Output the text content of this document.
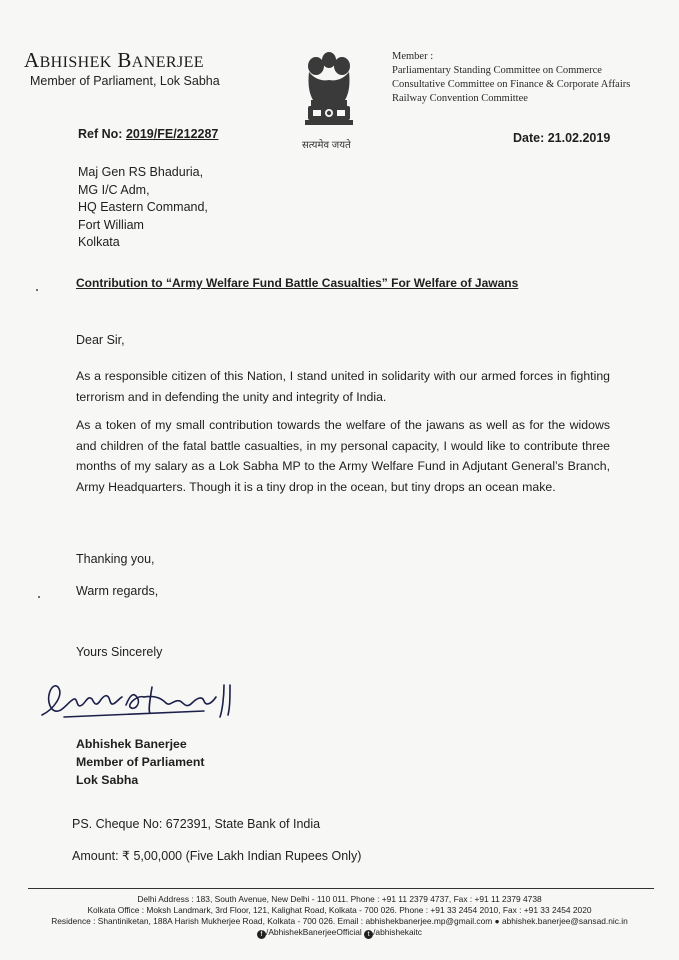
ABHISHEK BANERJEE
Member of Parliament, Lok Sabha
सत्यमेव जयते
Member :
Parliamentary Standing Committee on Commerce
Consultative Committee on Finance & Corporate Affairs
Railway Convention Committee
Ref No: 2019/FE/212287	Date: 21.02.2019
Maj Gen RS Bhaduria,
MG I/C Adm,
HQ Eastern Command,
Fort William
Kolkata
Contribution to “Army Welfare Fund Battle Casualties” For Welfare of Jawans
Dear Sir,
As a responsible citizen of this Nation, I stand united in solidarity with our armed forces in fighting terrorism and in defending the unity and integrity of India.
As a token of my small contribution towards the welfare of the jawans as well as for the widows and children of the fatal battle casualties, in my personal capacity, I would like to contribute three months of my salary as a Lok Sabha MP to the Army Welfare Fund in Adjutant General’s Branch, Army Headquarters. Though it is a tiny drop in the ocean, but tiny drops an ocean make.
Thanking you,
Warm regards,
Yours Sincerely
Abhishek Banerjee
Member of Parliament
Lok Sabha
PS. Cheque No: 672391, State Bank of India
Amount: ₹ 5,00,000 (Five Lakh Indian Rupees Only)
Delhi Address : 183, South Avenue, New Delhi - 110 011. Phone : +91 11 2379 4737, Fax : +91 11 2379 4738
Kolkata Office : Moksh Landmark, 3rd Floor, 121, Kalighat Road, Kolkata - 700 026. Phone : +91 33 2454 2010, Fax : +91 33 2454 2020
Residence : Shantiniketan, 188A Harish Mukherjee Road, Kolkata - 700 026. Email : abhishekbanerjee.mp@gmail.com ● abhishek.banerjee@sansad.nic.in
f /AbhishekBanerjeeOfficial t /abhishekaitc
